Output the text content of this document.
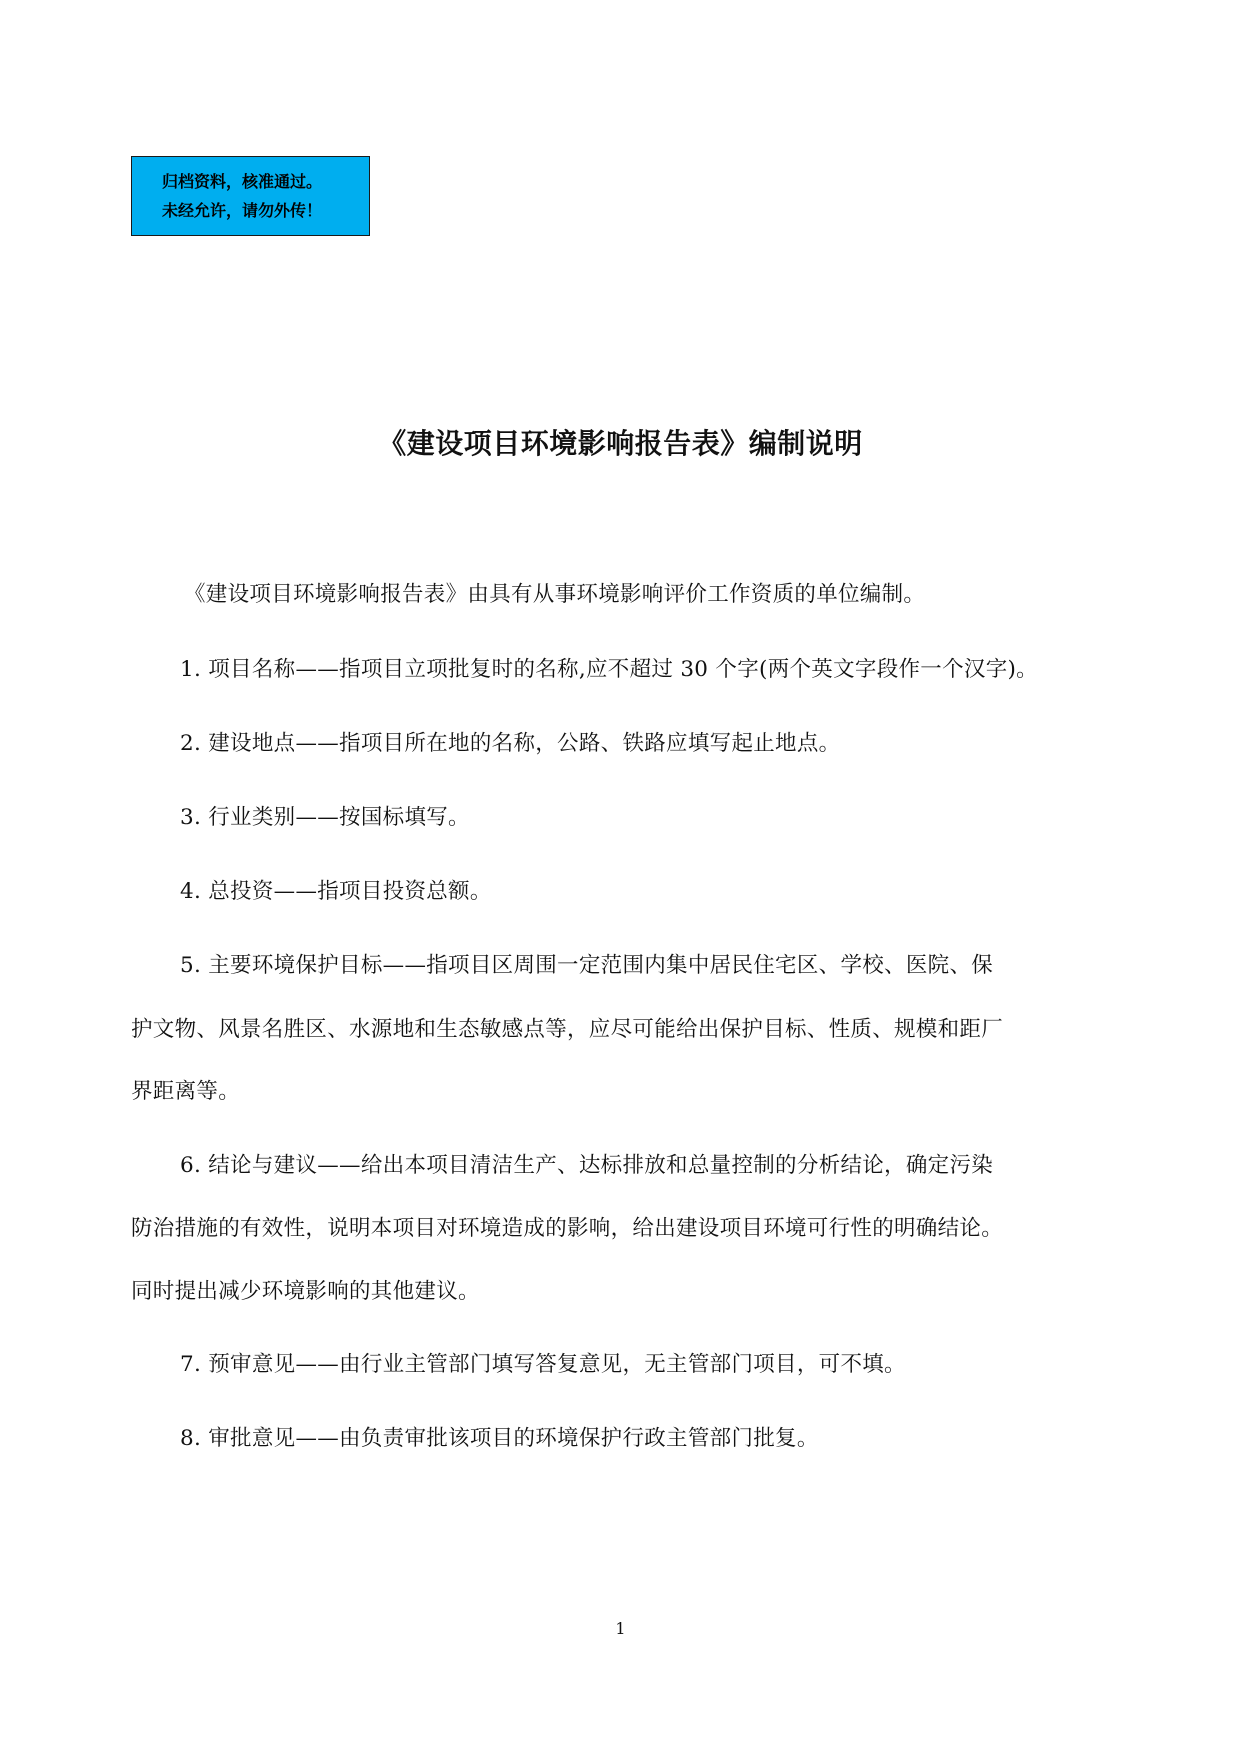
归档资料，核准通过。
未经允许，请勿外传！
《建设项目环境影响报告表》编制说明
《建设项目环境影响报告表》由具有从事环境影响评价工作资质的单位编制。
1. 项目名称——指项目立项批复时的名称,应不超过 30 个字(两个英文字段作一个汉字)。
2. 建设地点——指项目所在地的名称，公路、铁路应填写起止地点。
3. 行业类别——按国标填写。
4. 总投资——指项目投资总额。
5. 主要环境保护目标——指项目区周围一定范围内集中居民住宅区、学校、医院、保
护文物、风景名胜区、水源地和生态敏感点等，应尽可能给出保护目标、性质、规模和距厂
界距离等。
6. 结论与建议——给出本项目清洁生产、达标排放和总量控制的分析结论，确定污染
防治措施的有效性，说明本项目对环境造成的影响，给出建设项目环境可行性的明确结论。
同时提出减少环境影响的其他建议。
7. 预审意见——由行业主管部门填写答复意见，无主管部门项目，可不填。
8. 审批意见——由负责审批该项目的环境保护行政主管部门批复。
1
